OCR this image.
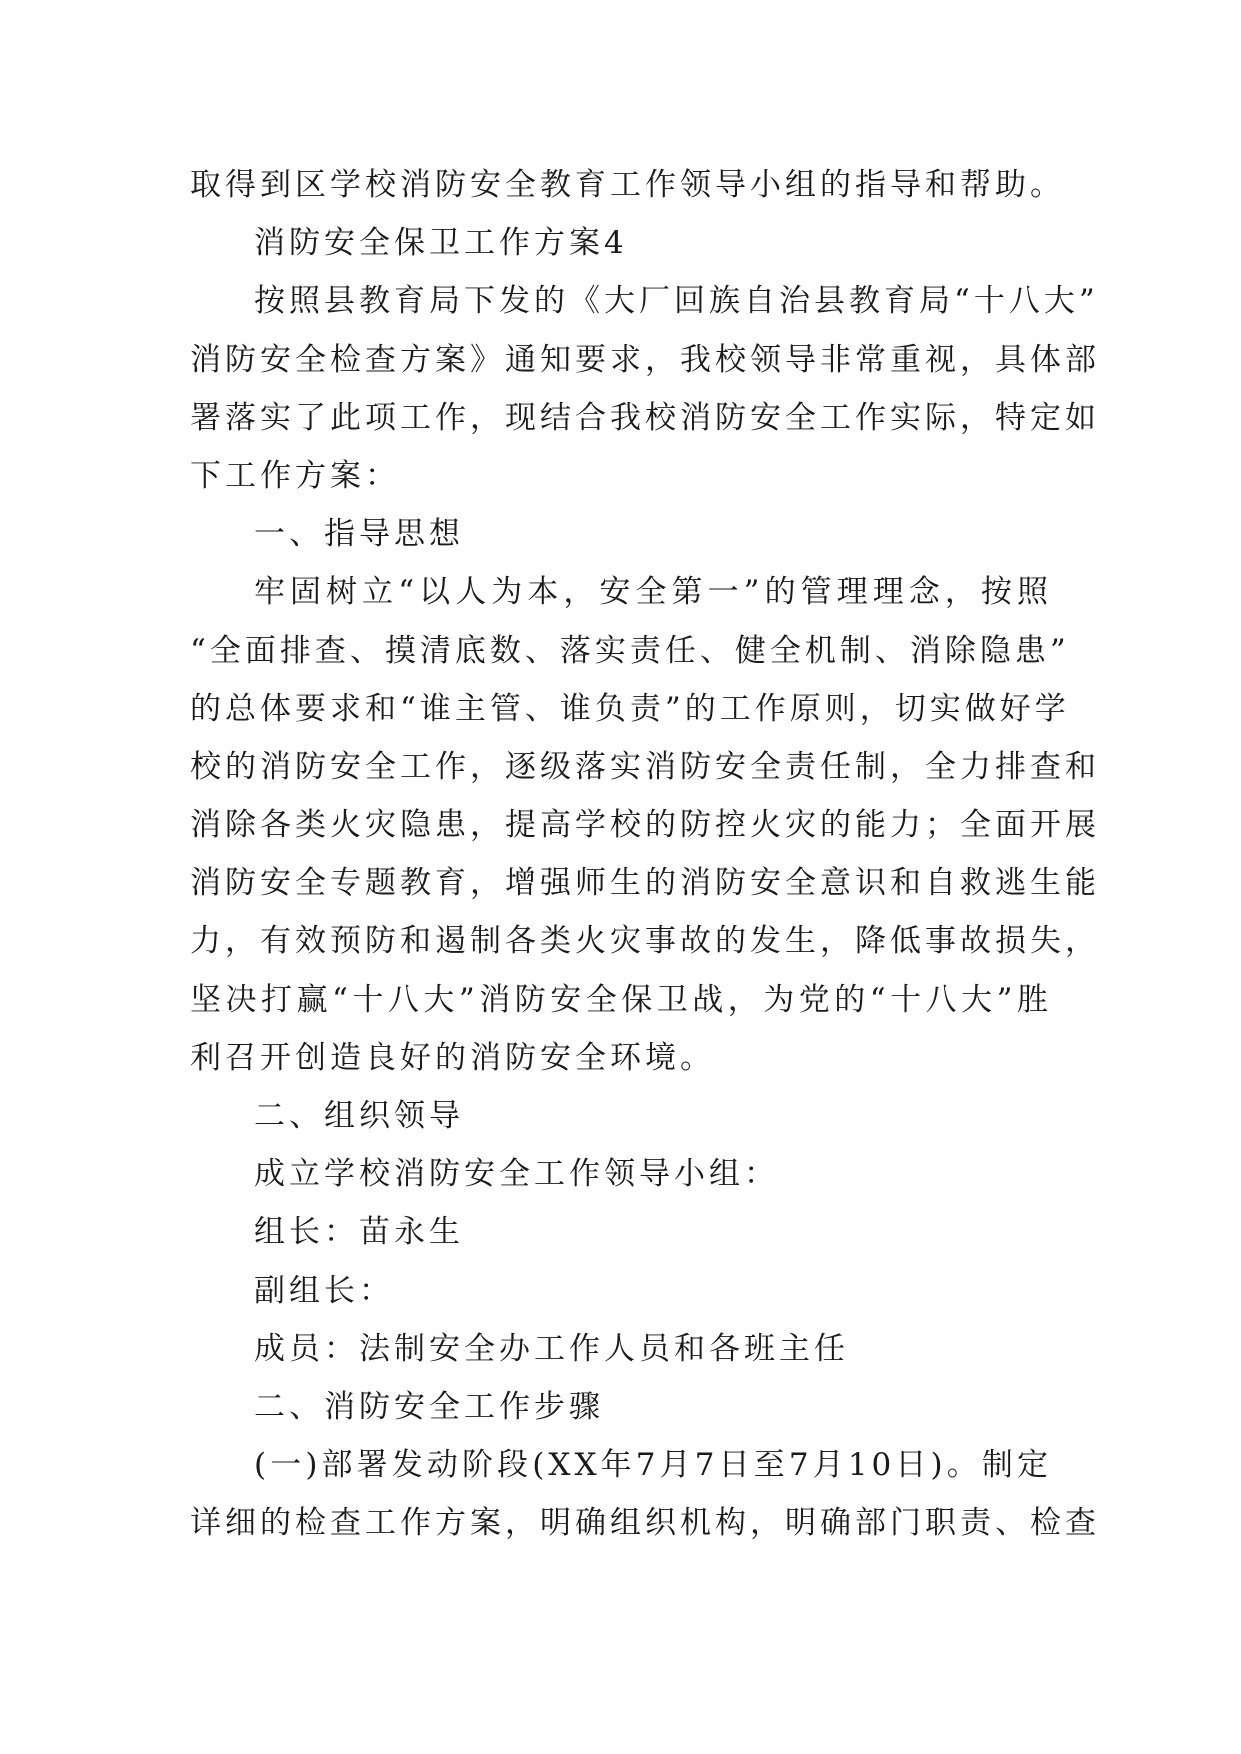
取得到区学校消防安全教育工作领导小组的指导和帮助。
消防安全保卫工作方案4
按照县教育局下发的《大厂回族自治县教育局“十八大”
消防安全检查方案》通知要求，我校领导非常重视，具体部
署落实了此项工作，现结合我校消防安全工作实际，特定如
下工作方案：
一、指导思想
牢固树立“以人为本，安全第一”的管理理念，按照
“全面排查、摸清底数、落实责任、健全机制、消除隐患”
的总体要求和“谁主管、谁负责”的工作原则，切实做好学
校的消防安全工作，逐级落实消防安全责任制，全力排查和
消除各类火灾隐患，提高学校的防控火灾的能力；全面开展
消防安全专题教育，增强师生的消防安全意识和自救逃生能
力，有效预防和遏制各类火灾事故的发生，降低事故损失，
坚决打赢“十八大”消防安全保卫战，为党的“十八大”胜
利召开创造良好的消防安全环境。
二、组织领导
成立学校消防安全工作领导小组：
组长：苗永生
副组长：
成员：法制安全办工作人员和各班主任
二、消防安全工作步骤
(一)部署发动阶段(XX年7月7日至7月10日)。制定
详细的检查工作方案，明确组织机构，明确部门职责、检查
